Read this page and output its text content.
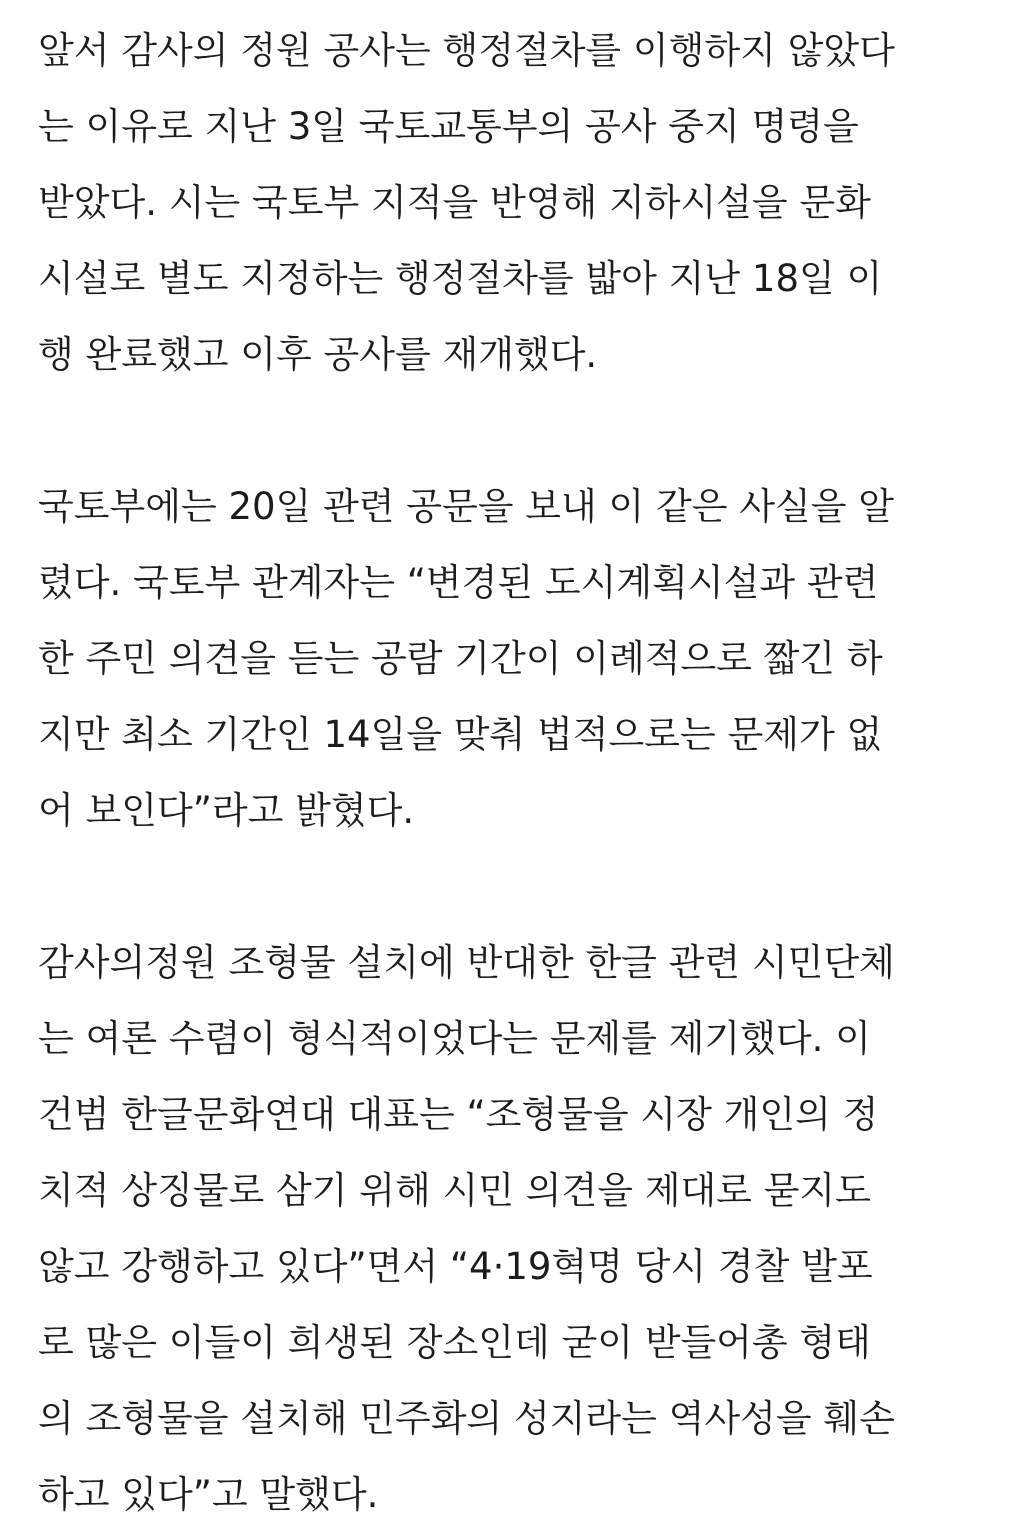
앞서 감사의 정원 공사는 행정절차를 이행하지 않았다
는 이유로 지난 3일 국토교통부의 공사 중지 명령을
받았다. 시는 국토부 지적을 반영해 지하시설을 문화
시설로 별도 지정하는 행정절차를 밟아 지난 18일 이
행 완료했고 이후 공사를 재개했다.
국토부에는 20일 관련 공문을 보내 이 같은 사실을 알
렸다. 국토부 관계자는 “변경된 도시계획시설과 관련
한 주민 의견을 듣는 공람 기간이 이례적으로 짧긴 하
지만 최소 기간인 14일을 맞춰 법적으로는 문제가 없
어 보인다”라고 밝혔다.
감사의정원 조형물 설치에 반대한 한글 관련 시민단체
는 여론 수렴이 형식적이었다는 문제를 제기했다. 이
건범 한글문화연대 대표는 “조형물을 시장 개인의 정
치적 상징물로 삼기 위해 시민 의견을 제대로 묻지도
않고 강행하고 있다”면서 “4·19혁명 당시 경찰 발포
로 많은 이들이 희생된 장소인데 굳이 받들어총 형태
의 조형물을 설치해 민주화의 성지라는 역사성을 훼손
하고 있다”고 말했다.
